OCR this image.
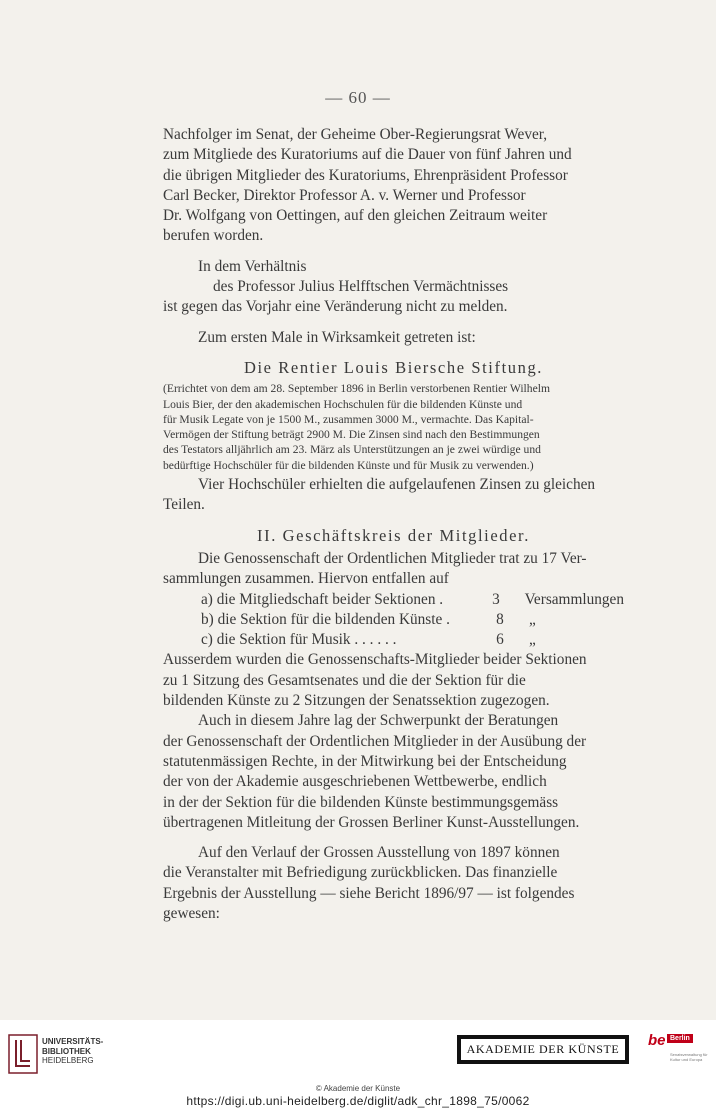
— 60 —
Nachfolger im Senat, der Geheime Ober-Regierungsrat Wever,
zum Mitgliede des Kuratoriums auf die Dauer von fünf Jahren und
die übrigen Mitglieder des Kuratoriums, Ehrenpräsident Professor
Carl Becker, Direktor Professor A. v. Werner und Professor
Dr. Wolfgang von Oettingen, auf den gleichen Zeitraum weiter
berufen worden.
In dem Verhältnis
des Professor Julius Helfftschen Vermächtnisses
ist gegen das Vorjahr eine Veränderung nicht zu melden.
Zum ersten Male in Wirksamkeit getreten ist:
Die Rentier Louis Biersche Stiftung.
(Errichtet von dem am 28. September 1896 in Berlin verstorbenen Rentier Wilhelm
Louis Bier, der den akademischen Hochschulen für die bildenden Künste und
für Musik Legate von je 1500 M., zusammen 3000 M., vermachte. Das Kapital-
Vermögen der Stiftung beträgt 2900 M. Die Zinsen sind nach den Bestimmungen
des Testators alljährlich am 23. März als Unterstützungen an je zwei würdige und
bedürftige Hochschüler für die bildenden Künste und für Musik zu verwenden.)
Vier Hochschüler erhielten die aufgelaufenen Zinsen zu gleichen
Teilen.
II. Geschäftskreis der Mitglieder.
Die Genossenschaft der Ordentlichen Mitglieder trat zu 17 Ver-
sammlungen zusammen. Hiervon entfallen auf
a) die Mitgliedschaft beider Sektionen .	3	Versammlungen
b) die Sektion für die bildenden Künste .	8	„
c) die Sektion für Musik . . . . . .	6	„
Ausserdem wurden die Genossenschafts-Mitglieder beider Sektionen
zu 1 Sitzung des Gesamtsenates und die der Sektion für die
bildenden Künste zu 2 Sitzungen der Senatssektion zugezogen.
Auch in diesem Jahre lag der Schwerpunkt der Beratungen
der Genossenschaft der Ordentlichen Mitglieder in der Ausübung der
statutenmässigen Rechte, in der Mitwirkung bei der Entscheidung
der von der Akademie ausgeschriebenen Wettbewerbe, endlich
in der der Sektion für die bildenden Künste bestimmungsgemäss
übertragenen Mitleitung der Grossen Berliner Kunst-Ausstellungen.
Auf den Verlauf der Grossen Ausstellung von 1897 können
die Veranstalter mit Befriedigung zurückblicken. Das finanzielle
Ergebnis der Ausstellung — siehe Bericht 1896/97 — ist folgendes
gewesen:
UNIVERSITÄTS-
BIBLIOTHEK
HEIDELBERG
AKADEMIE DER KÜNSTE	be Berlin
Senatsverwaltung für Kultur und Europa
© Akademie der Künste
https://digi.ub.uni-heidelberg.de/diglit/adk_chr_1898_75/0062
